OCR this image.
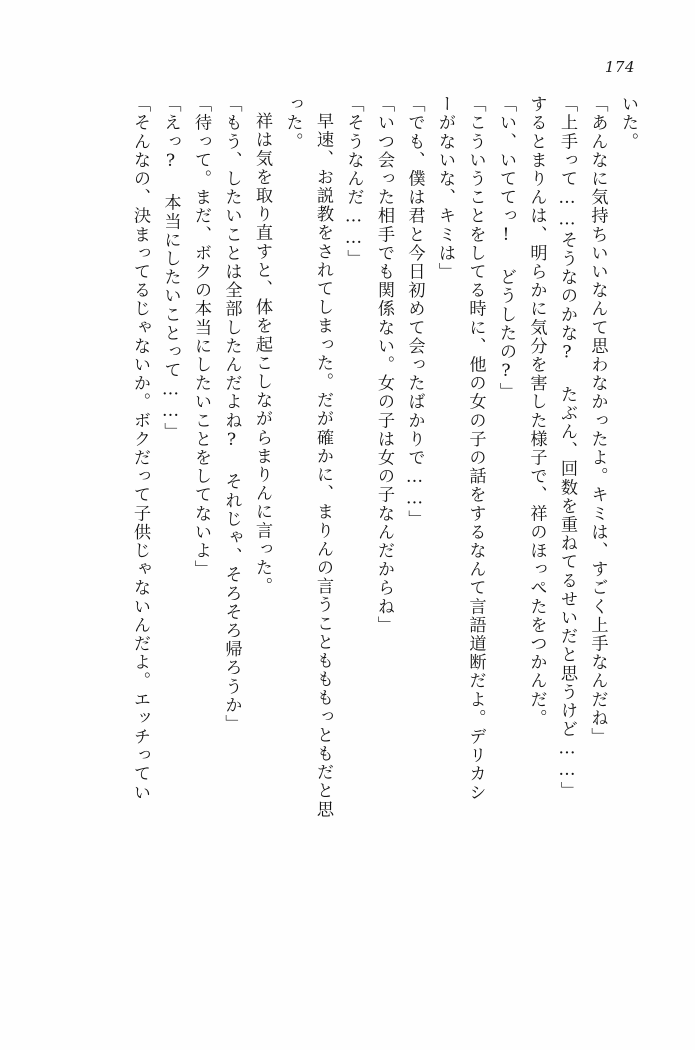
174
いた。
「あんなに気持ちいいなんて思わなかったよ。キミは、すごく上手なんだね」
「上手って……そうなのかな? たぶん、回数を重ねてるせいだと思うけど……」
するとまりんは、明らかに気分を害した様子で、祥のほっぺたをつかんだ。
「い、いててっ! どうしたの?」
「こういうことをしてる時に、他の女の子の話をするなんて言語道断だよ。デリカシ
ーがないな、キミは」
「でも、僕は君と今日初めて会ったばかりで……」
「いつ会った相手でも関係ない。女の子は女の子なんだからね」
「そうなんだ……」
早速、お説教をされてしまった。だが確かに、まりんの言うこともももっともだと思
った。
祥は気を取り直すと、体を起こしながらまりんに言った。
「もう、したいことは全部したんだよね? それじゃ、そろそろ帰ろうか」
「待って。まだ、ボクの本当にしたいことをしてないよ」
「えっ? 本当にしたいことって……」
「そんなの、決まってるじゃないか。ボクだって子供じゃないんだよ。エッチってい
